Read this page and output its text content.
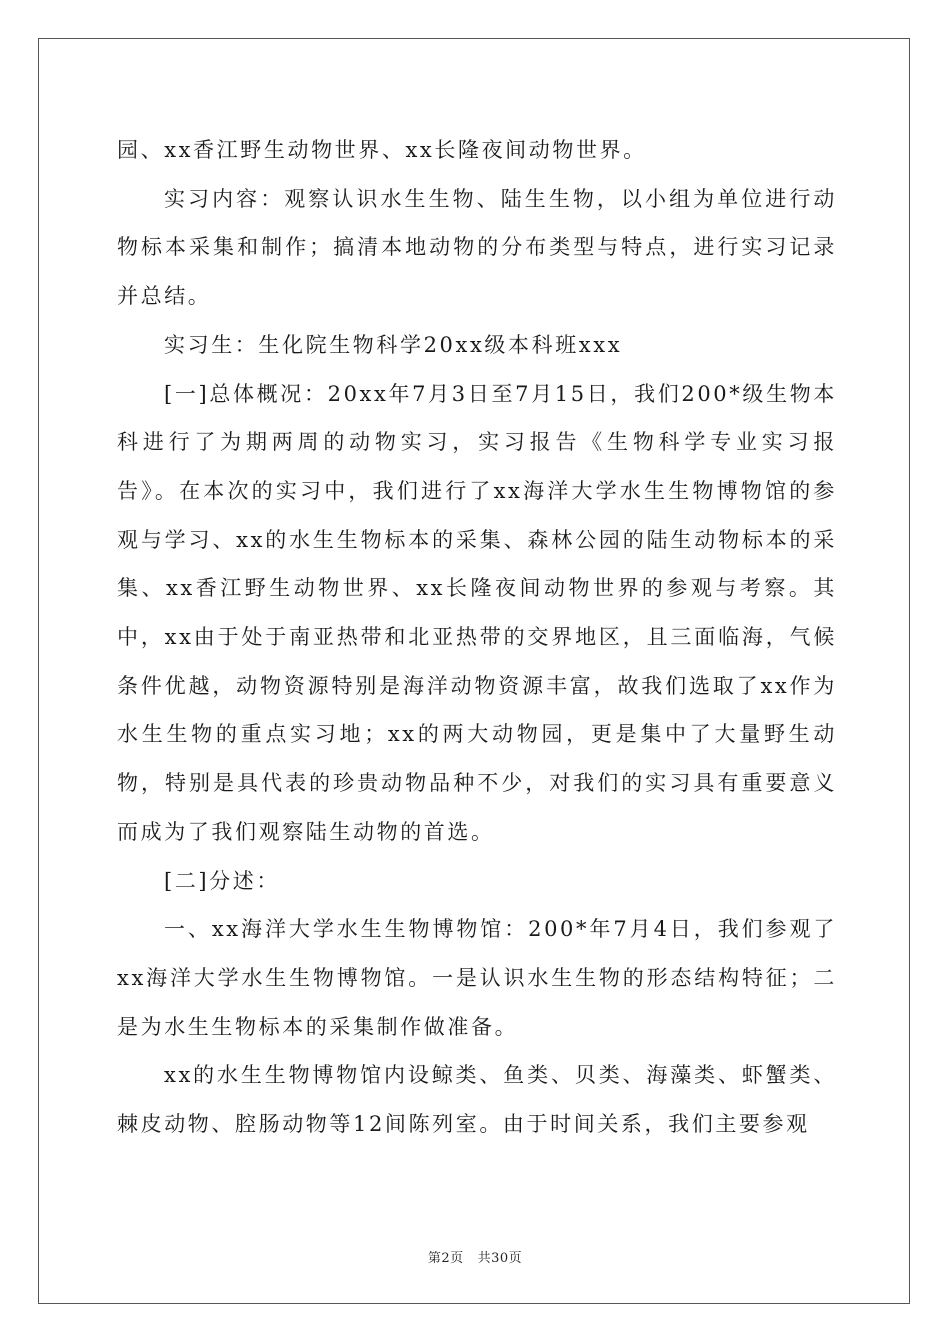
园、xx香江野生动物世界、xx长隆夜间动物世界。

实习内容：观察认识水生生物、陆生生物，以小组为单位进行动物标本采集和制作；搞清本地动物的分布类型与特点，进行实习记录并总结。

实习生：生化院生物科学20xx级本科班xxx

[一]总体概况：20xx年7月3日至7月15日，我们200*级生物本科进行了为期两周的动物实习，实习报告《生物科学专业实习报告》。在本次的实习中，我们进行了xx海洋大学水生生物博物馆的参观与学习、xx的水生生物标本的采集、森林公园的陆生动物标本的采集、xx香江野生动物世界、xx长隆夜间动物世界的参观与考察。其中，xx由于处于南亚热带和北亚热带的交界地区，且三面临海，气候条件优越，动物资源特别是海洋动物资源丰富，故我们选取了xx作为水生生物的重点实习地；xx的两大动物园，更是集中了大量野生动物，特别是具代表的珍贵动物品种不少，对我们的实习具有重要意义而成为了我们观察陆生动物的首选。

[二]分述：

一、xx海洋大学水生生物博物馆：200*年7月4日，我们参观了xx海洋大学水生生物博物馆。一是认识水生生物的形态结构特征；二是为水生生物标本的采集制作做准备。

xx的水生生物博物馆内设鲸类、鱼类、贝类、海藻类、虾蟹类、棘皮动物、腔肠动物等12间陈列室。由于时间关系，我们主要参观

第2页 共30页
